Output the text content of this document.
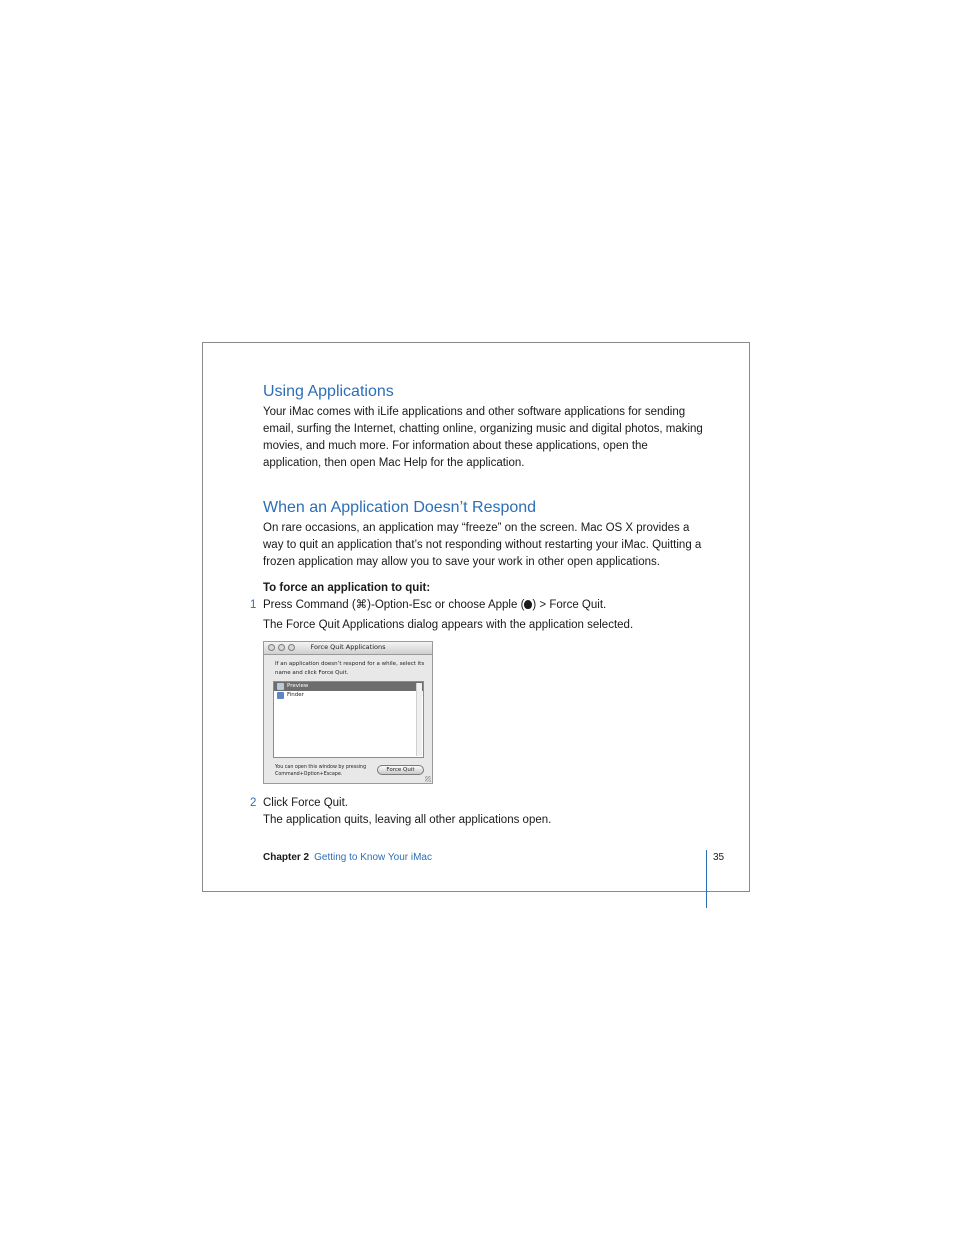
Using Applications

Your iMac comes with iLife applications and other software applications for sending email, surfing the Internet, chatting online, organizing music and digital photos, making movies, and much more. For information about these applications, open the application, then open Mac Help for the application.

When an Application Doesn’t Respond

On rare occasions, an application may “freeze” on the screen. Mac OS X provides a way to quit an application that’s not responding without restarting your iMac. Quitting a frozen application may allow you to save your work in other open applications.

To force an application to quit:

1 Press Command (⌘)-Option-Esc or choose Apple ( ) > Force Quit.

The Force Quit Applications dialog appears with the application selected.

Force Quit Applications
If an application doesn’t respond for a while, select its name and click Force Quit.
Preview
Finder
You can open this window by pressing Command+Option+Escape.
Force Quit
2 Click Force Quit.

The application quits, leaving all other applications open.

Chapter 2 Getting to Know Your iMac	35
